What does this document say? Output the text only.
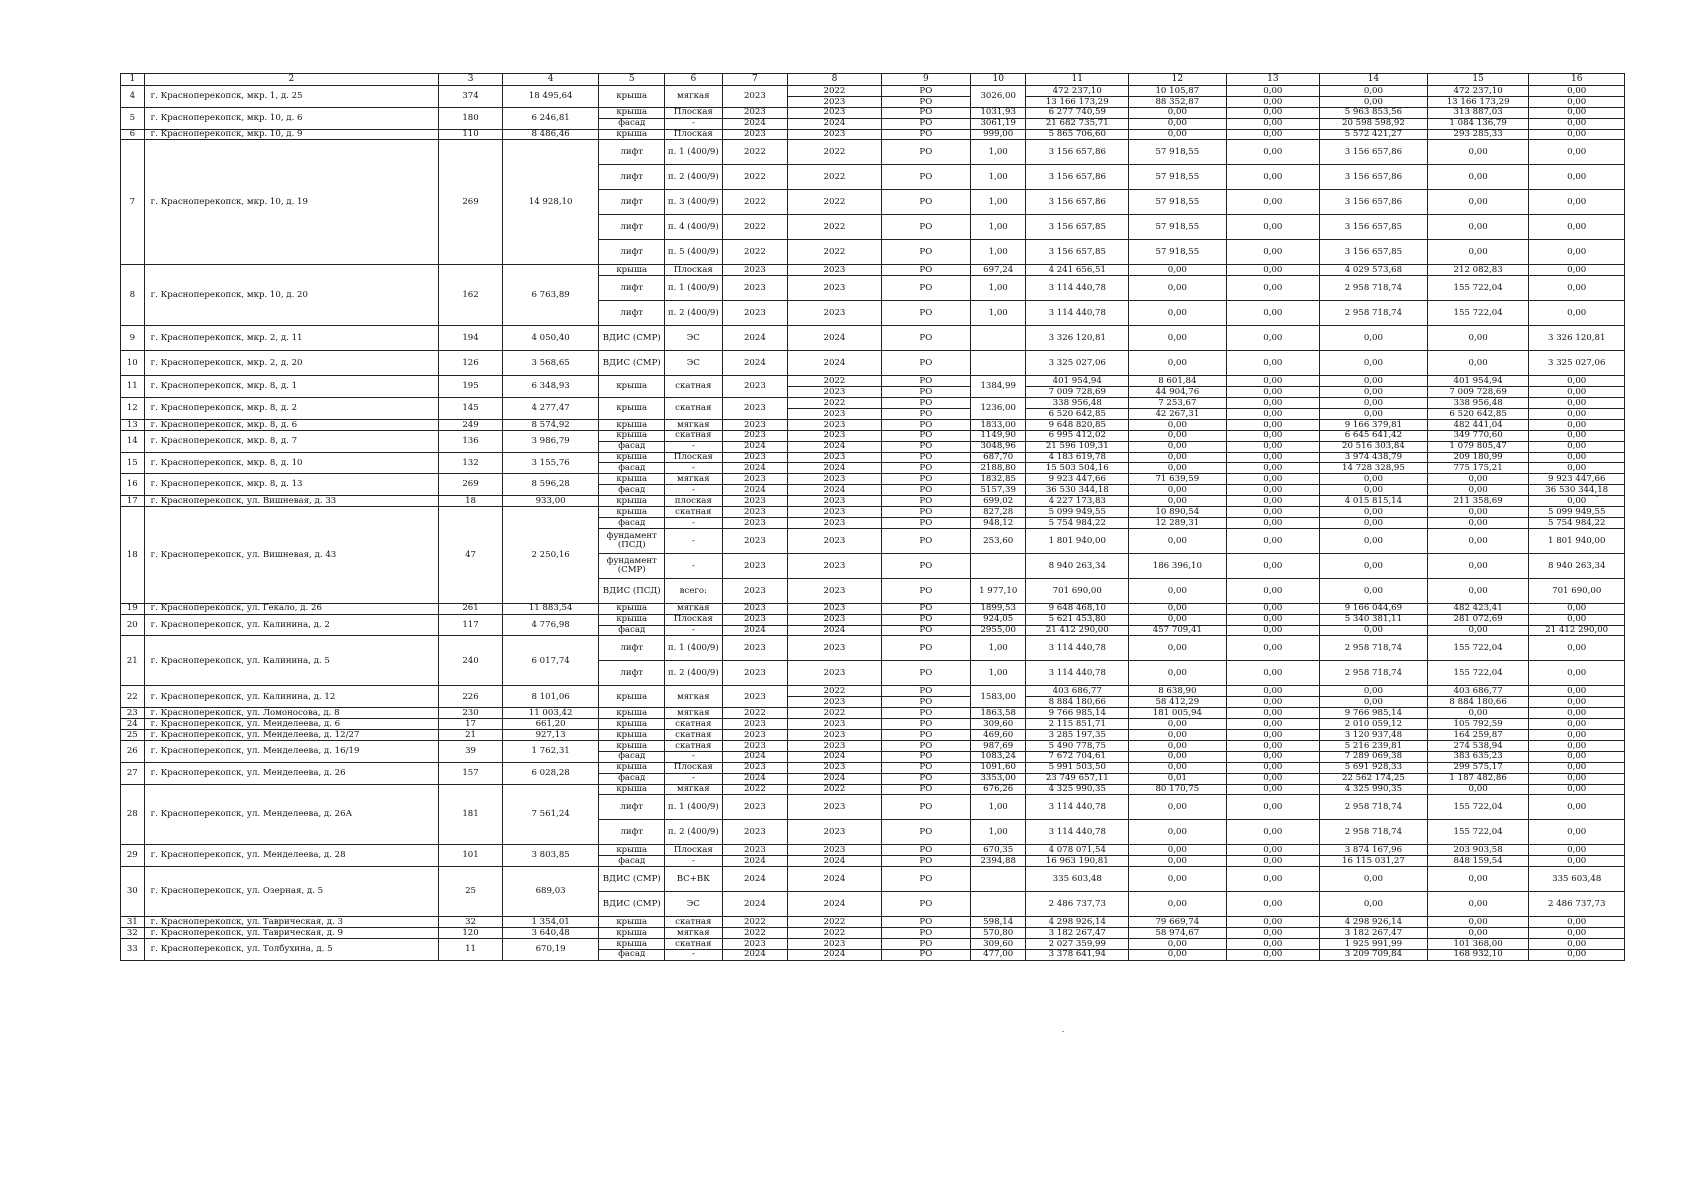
1	2	3	4	5	6	7	8	9	10	11	12	13	14	15	16
4	г. Красноперекопск, мкр. 1, д. 25	374	18 495,64	крыша	мягкая	2023	2022	РО	3026,00	472 237,10	10 105,87	0,00	0,00	472 237,10	0,00
							2023	РО		13 166 173,29	88 352,87	0,00	0,00	13 166 173,29	0,00
5	г. Красноперекопск, мкр. 10, д. 6	180	6 246,81	крыша	Плоская	2023	2023	РО	1031,93	6 277 740,59	0,00	0,00	5 963 853,56	313 887,03	0,00
				фасад	-	2024	2024	РО	3061,19	21 682 735,71	0,00	0,00	20 598 598,92	1 084 136,79	0,00
6	г. Красноперекопск, мкр. 10, д. 9	110	8 486,46	крыша	Плоская	2023	2023	РО	999,00	5 865 706,60	0,00	0,00	5 572 421,27	293 285,33	0,00
7	г. Красноперекопск, мкр. 10, д. 19	269	14 928,10	лифт	п. 1 (400/9)	2022	2022	РО	1,00	3 156 657,86	57 918,55	0,00	3 156 657,86	0,00	0,00
				лифт	п. 2 (400/9)	2022	2022	РО	1,00	3 156 657,86	57 918,55	0,00	3 156 657,86	0,00	0,00
				лифт	п. 3 (400/9)	2022	2022	РО	1,00	3 156 657,86	57 918,55	0,00	3 156 657,86	0,00	0,00
				лифт	п. 4 (400/9)	2022	2022	РО	1,00	3 156 657,85	57 918,55	0,00	3 156 657,85	0,00	0,00
				лифт	п. 5 (400/9)	2022	2022	РО	1,00	3 156 657,85	57 918,55	0,00	3 156 657,85	0,00	0,00
8	г. Красноперекопск, мкр. 10, д. 20	162	6 763,89	крыша	Плоская	2023	2023	РО	697,24	4 241 656,51	0,00	0,00	4 029 573,68	212 082,83	0,00
				лифт	п. 1 (400/9)	2023	2023	РО	1,00	3 114 440,78	0,00	0,00	2 958 718,74	155 722,04	0,00
				лифт	п. 2 (400/9)	2023	2023	РО	1,00	3 114 440,78	0,00	0,00	2 958 718,74	155 722,04	0,00
9	г. Красноперекопск, мкр. 2, д. 11	194	4 050,40	ВДИС (СМР)	ЭС	2024	2024	РО		3 326 120,81	0,00	0,00	0,00	0,00	3 326 120,81
10	г. Красноперекопск, мкр. 2, д. 20	126	3 568,65	ВДИС (СМР)	ЭС	2024	2024	РО		3 325 027,06	0,00	0,00	0,00	0,00	3 325 027,06
11	г. Красноперекопск, мкр. 8, д. 1	195	6 348,93	крыша	скатная	2023	2022	РО	1384,99	401 954,94	8 601,84	0,00	0,00	401 954,94	0,00
							2023	РО		7 009 728,69	44 904,76	0,00	0,00	7 009 728,69	0,00
12	г. Красноперекопск, мкр. 8, д. 2	145	4 277,47	крыша	скатная	2023	2022	РО	1236,00	338 956,48	7 253,67	0,00	0,00	338 956,48	0,00
							2023	РО		6 520 642,85	42 267,31	0,00	0,00	6 520 642,85	0,00
13	г. Красноперекопск, мкр. 8, д. 6	249	8 574,92	крыша	мягкая	2023	2023	РО	1833,00	9 648 820,85	0,00	0,00	9 166 379,81	482 441,04	0,00
14	г. Красноперекопск, мкр. 8, д. 7	136	3 986,79	крыша	скатная	2023	2023	РО	1149,90	6 995 412,02	0,00	0,00	6 645 641,42	349 770,60	0,00
				фасад	-	2024	2024	РО	3048,96	21 596 109,31	0,00	0,00	20 516 303,84	1 079 805,47	0,00
15	г. Красноперекопск, мкр. 8, д. 10	132	3 155,76	крыша	Плоская	2023	2023	РО	687,70	4 183 619,78	0,00	0,00	3 974 438,79	209 180,99	0,00
				фасад	-	2024	2024	РО	2188,80	15 503 504,16	0,00	0,00	14 728 328,95	775 175,21	0,00
16	г. Красноперекопск, мкр. 8, д. 13	269	8 596,28	крыша	мягкая	2023	2023	РО	1832,85	9 923 447,66	71 639,59	0,00	0,00	0,00	9 923 447,66
				фасад	-	2024	2024	РО	5157,39	36 530 344,18	0,00	0,00	0,00	0,00	36 530 344,18
17	г. Красноперекопск, ул. Вишневая, д. 33	18	933,00	крыша	плоская	2023	2023	РО	699,02	4 227 173,83	0,00	0,00	4 015 815,14	211 358,69	0,00
18	г. Красноперекопск, ул. Вишневая, д. 43	47	2 250,16	крыша	скатная	2023	2023	РО	827,28	5 099 949,55	10 890,54	0,00	0,00	0,00	5 099 949,55
				фасад	-	2023	2023	РО	948,12	5 754 984,22	12 289,31	0,00	0,00	0,00	5 754 984,22
				фундамент (ПСД)	-	2023	2023	РО	253,60	1 801 940,00	0,00	0,00	0,00	0,00	1 801 940,00
				фундамент (СМР)	-	2023	2023	РО		8 940 263,34	186 396,10	0,00	0,00	0,00	8 940 263,34
				ВДИС (ПСД)	всего:	2023	2023	РО	1 977,10	701 690,00	0,00	0,00	0,00	0,00	701 690,00
19	г. Красноперекопск, ул. Гекало, д. 26	261	11 883,54	крыша	мягкая	2023	2023	РО	1899,53	9 648 468,10	0,00	0,00	9 166 044,69	482 423,41	0,00
20	г. Красноперекопск, ул. Калинина, д. 2	117	4 776,98	крыша	Плоская	2023	2023	РО	924,05	5 621 453,80	0,00	0,00	5 340 381,11	281 072,69	0,00
				фасад	-	2024	2024	РО	2955,00	21 412 290,00	457 709,41	0,00	0,00	0,00	21 412 290,00
21	г. Красноперекопск, ул. Калинина, д. 5	240	6 017,74	лифт	п. 1 (400/9)	2023	2023	РО	1,00	3 114 440,78	0,00	0,00	2 958 718,74	155 722,04	0,00
				лифт	п. 2 (400/9)	2023	2023	РО	1,00	3 114 440,78	0,00	0,00	2 958 718,74	155 722,04	0,00
22	г. Красноперекопск, ул. Калинина, д. 12	226	8 101,06	крыша	мягкая	2023	2022	РО	1583,00	403 686,77	8 638,90	0,00	0,00	403 686,77	0,00
							2023	РО		8 884 180,66	58 412,29	0,00	0,00	8 884 180,66	0,00
23	г. Красноперекопск, ул. Ломоносова, д. 8	230	11 003,42	крыша	мягкая	2022	2022	РО	1863,58	9 766 985,14	181 005,94	0,00	9 766 985,14	0,00	0,00
24	г. Красноперекопск, ул. Менделеева, д. 6	17	661,20	крыша	скатная	2023	2023	РО	309,60	2 115 851,71	0,00	0,00	2 010 059,12	105 792,59	0,00
25	г. Красноперекопск, ул. Менделеева, д. 12/27	21	927,13	крыша	скатная	2023	2023	РО	469,60	3 285 197,35	0,00	0,00	3 120 937,48	164 259,87	0,00
26	г. Красноперекопск, ул. Менделеева, д. 16/19	39	1 762,31	крыша	скатная	2023	2023	РО	987,69	5 490 778,75	0,00	0,00	5 216 239,81	274 538,94	0,00
				фасад	-	2024	2024	РО	1083,24	7 672 704,61	0,00	0,00	7 289 069,38	383 635,23	0,00
27	г. Красноперекопск, ул. Менделеева, д. 26	157	6 028,28	крыша	Плоская	2023	2023	РО	1091,60	5 991 503,50	0,00	0,00	5 691 928,33	299 575,17	0,00
				фасад	-	2024	2024	РО	3353,00	23 749 657,11	0,01	0,00	22 562 174,25	1 187 482,86	0,00
28	г. Красноперекопск, ул. Менделеева, д. 26А	181	7 561,24	крыша	мягкая	2022	2022	РО	676,26	4 325 990,35	80 170,75	0,00	4 325 990,35	0,00	0,00
				лифт	п. 1 (400/9)	2023	2023	РО	1,00	3 114 440,78	0,00	0,00	2 958 718,74	155 722,04	0,00
				лифт	п. 2 (400/9)	2023	2023	РО	1,00	3 114 440,78	0,00	0,00	2 958 718,74	155 722,04	0,00
29	г. Красноперекопск, ул. Менделеева, д. 28	101	3 803,85	крыша	Плоская	2023	2023	РО	670,35	4 078 071,54	0,00	0,00	3 874 167,96	203 903,58	0,00
				фасад	-	2024	2024	РО	2394,88	16 963 190,81	0,00	0,00	16 115 031,27	848 159,54	0,00
30	г. Красноперекопск, ул. Озерная, д. 5	25	689,03	ВДИС (СМР)	ВС+ВК	2024	2024	РО		335 603,48	0,00	0,00	0,00	0,00	335 603,48
				ВДИС (СМР)	ЭС	2024	2024	РО		2 486 737,73	0,00	0,00	0,00	0,00	2 486 737,73
31	г. Красноперекопск, ул. Таврическая, д. 3	32	1 354,01	крыша	скатная	2022	2022	РО	598,14	4 298 926,14	79 669,74	0,00	4 298 926,14	0,00	0,00
32	г. Красноперекопск, ул. Таврическая, д. 9	120	3 640,48	крыша	мягкая	2022	2022	РО	570,80	3 182 267,47	58 974,67	0,00	3 182 267,47	0,00	0,00
33	г. Красноперекопск, ул. Толбухина, д. 5	11	670,19	крыша	скатная	2023	2023	РО	309,60	2 027 359,99	0,00	0,00	1 925 991,99	101 368,00	0,00
				фасад	-	2024	2024	РО	477,00	3 378 641,94	0,00	0,00	3 209 709,84	168 932,10	0,00
